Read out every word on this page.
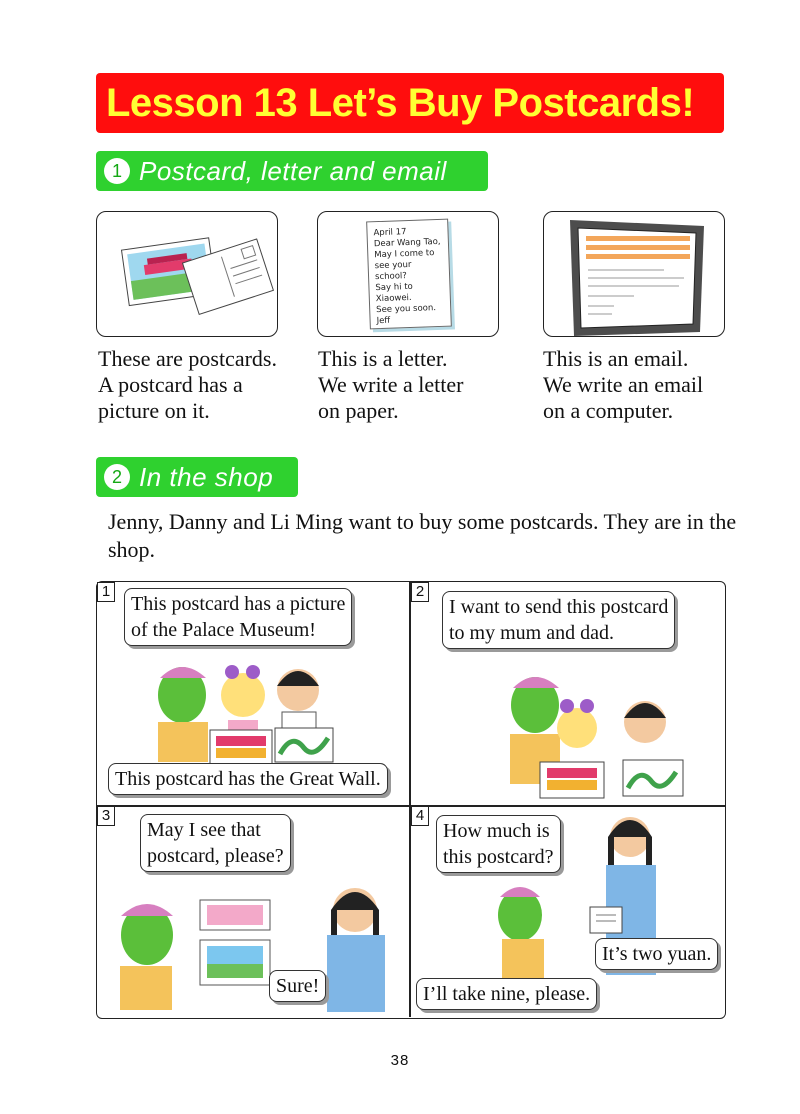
Lesson 13 Let’s Buy Postcards!
1 Postcard, letter and email
These are postcards.
A postcard has a
picture on it.
April 17
Dear Wang Tao,
May I come to
see your school?
Say hi to Xiaowei.
See you soon.
Jeff
This is a letter.
We write a letter
on paper.
This is an email.
We write an email
on a computer.
2 In the shop
Jenny, Danny and Li Ming want to buy some postcards. They are in the shop.
1	2
3	4
This postcard has a picture
of the Palace Museum!
This postcard has the Great Wall.
I want to send this postcard
to my mum and dad.
May I see that
postcard, please?
Sure!
How much is
this postcard?
It’s two yuan.
I’ll take nine, please.
38
